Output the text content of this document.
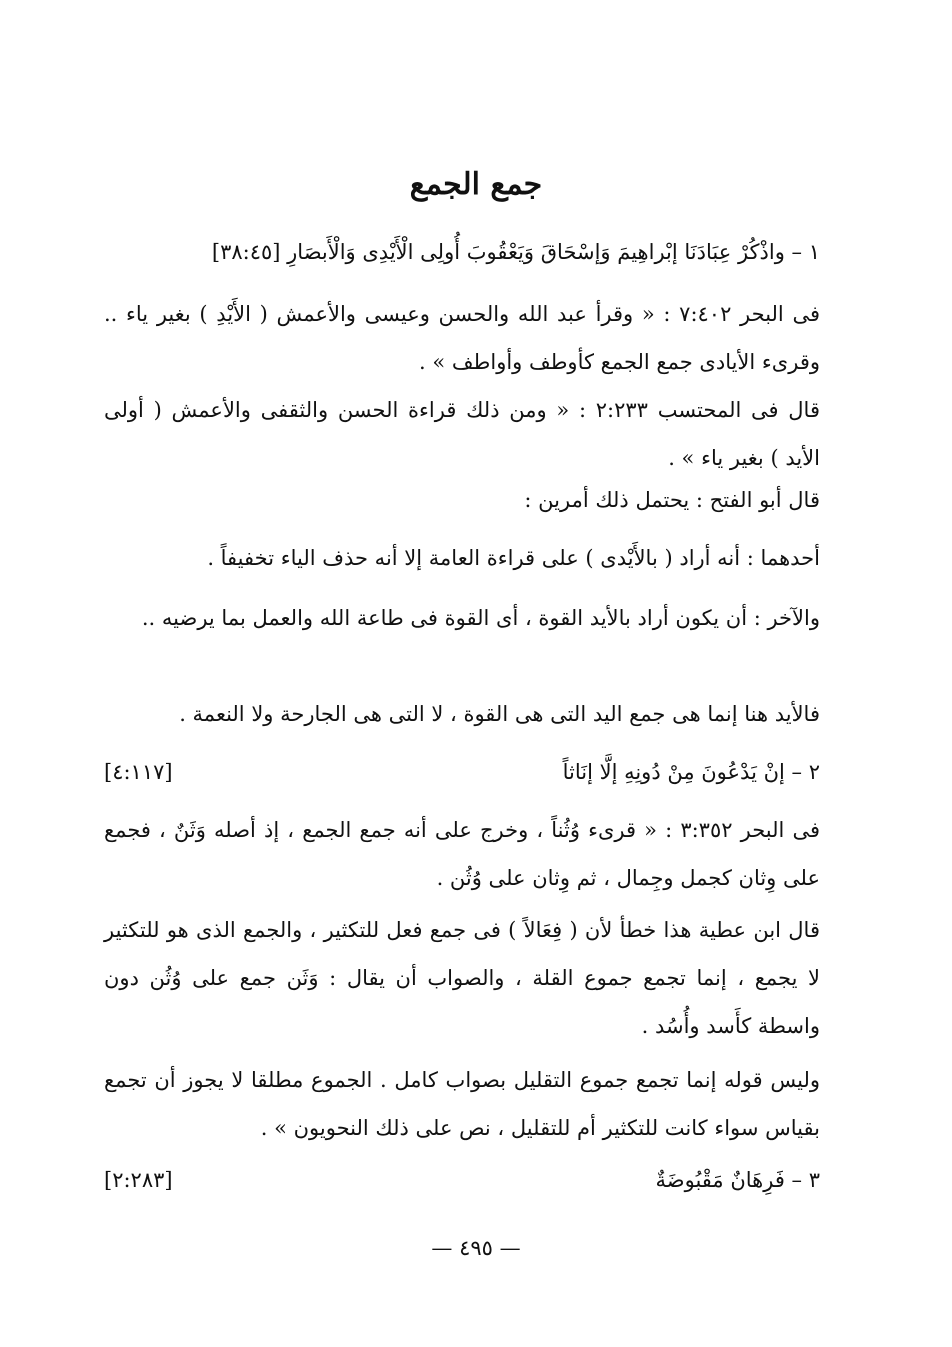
جمع الجمع
١ – واذْكُرْ عِبَادَنَا إبْراهِيمَ وَإسْحَاقَ وَيَعْقُوبَ أُولِى الْأَيْدِى وَالْأَبصَارِ [٣٨:٤٥]
فى البحر ٧:٤٠٢ : « وقرأ عبد الله والحسن وعيسى والأعمش ( الأَيْدِ ) بغير ياء .. وقرىء الأيادى جمع الجمع كأوطف وأواطف » .
قال فى المحتسب ٢:٢٣٣ : « ومن ذلك قراءة الحسن والثقفى والأعمش ( أولى الأيد ) بغير ياء » .
قال أبو الفتح : يحتمل ذلك أمرين :
أحدهما : أنه أراد ( بالأَيْدى ) على قراءة العامة إلا أنه حذف الياء تخفيفاً .
والآخر : أن يكون أراد بالأيد القوة ، أى القوة فى طاعة الله والعمل بما يرضيه ..
فالأيد هنا إنما هى جمع اليد التى هى القوة ، لا التى هى الجارحة ولا النعمة .
٢ – إنْ يَدْعُونَ مِنْ دُونِهِ إلَّا إنَاثاً
[٤:١١٧]
فى البحر ٣:٣٥٢ : « قرىء وُثُناً ، وخرج على أنه جمع الجمع ، إذ أصله وَثَنٌ ، فجمع على وِثان كجمل وجِمال ، ثم وِثان على وُثُن .
قال ابن عطية هذا خطأ لأن ( فِعَالاً ) فى جمع فعل للتكثير ، والجمع الذى هو للتكثير لا يجمع ، إنما تجمع جموع القلة ، والصواب أن يقال : وَثَن جمع على وُثُن دون واسطة كأَسد وأُسُد .
وليس قوله إنما تجمع جموع التقليل بصواب كامل . الجموع مطلقا لا يجوز أن تجمع بقياس سواء كانت للتكثير أم للتقليل ، نص على ذلك النحويون » .
٣ – فَرِهَانٌ مَقْبُوضَةٌ
[٢:٢٨٣]
— ٤٩٥ —
